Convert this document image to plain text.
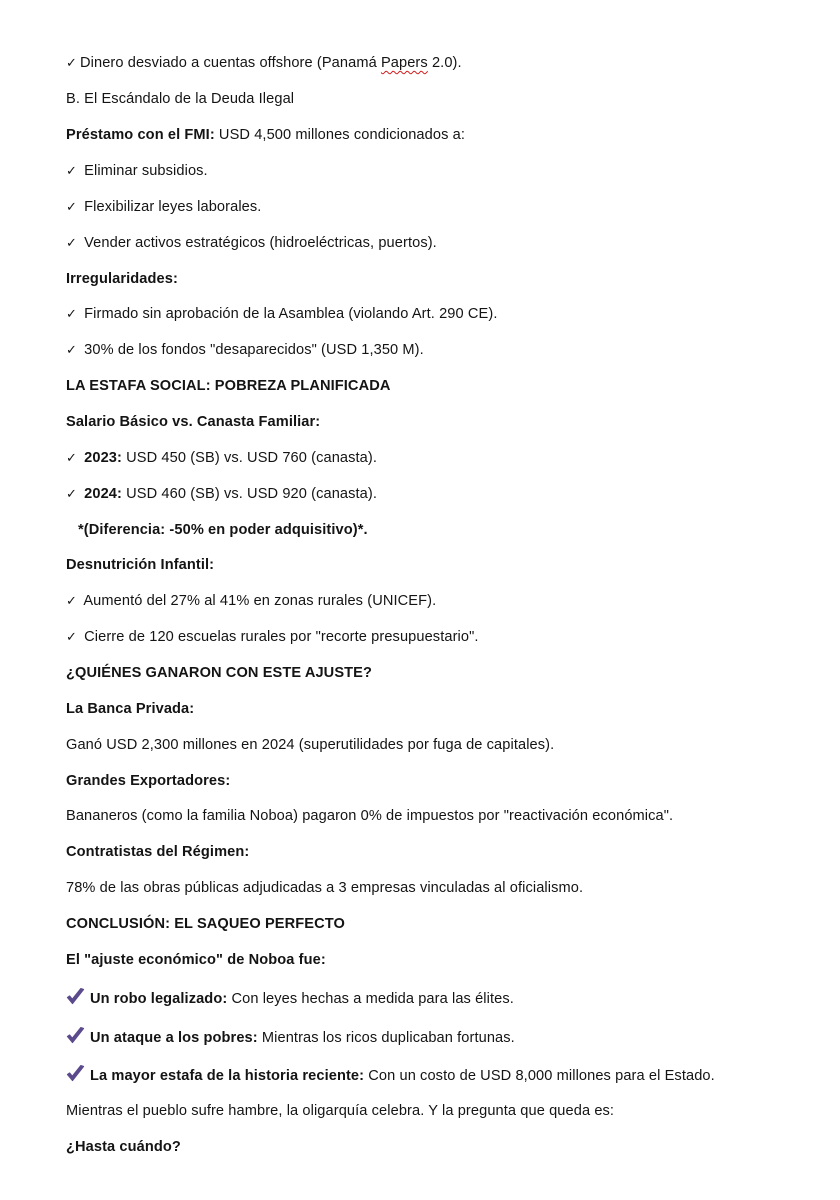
✓ Dinero desviado a cuentas offshore (Panamá Papers 2.0).
B. El Escándalo de la Deuda Ilegal
Préstamo con el FMI: USD 4,500 millones condicionados a:
✓ Eliminar subsidios.
✓ Flexibilizar leyes laborales.
✓ Vender activos estratégicos (hidroeléctricas, puertos).
Irregularidades:
✓ Firmado sin aprobación de la Asamblea (violando Art. 290 CE).
✓ 30% de los fondos "desaparecidos" (USD 1,350 M).
LA ESTAFA SOCIAL: POBREZA PLANIFICADA
Salario Básico vs. Canasta Familiar:
✓ 2023: USD 450 (SB) vs. USD 760 (canasta).
✓ 2024: USD 460 (SB) vs. USD 920 (canasta).
*(Diferencia: -50% en poder adquisitivo)*.
Desnutrición Infantil:
✓ Aumentó del 27% al 41% en zonas rurales (UNICEF).
✓ Cierre de 120 escuelas rurales por "recorte presupuestario".
¿QUIÉNES GANARON CON ESTE AJUSTE?
La Banca Privada:
Ganó USD 2,300 millones en 2024 (superutilidades por fuga de capitales).
Grandes Exportadores:
Bananeros (como la familia Noboa) pagaron 0% de impuestos por "reactivación económica".
Contratistas del Régimen:
78% de las obras públicas adjudicadas a 3 empresas vinculadas al oficialismo.
CONCLUSIÓN: EL SAQUEO PERFECTO
El "ajuste económico" de Noboa fue:
Un robo legalizado: Con leyes hechas a medida para las élites.
Un ataque a los pobres: Mientras los ricos duplicaban fortunas.
La mayor estafa de la historia reciente: Con un costo de USD 8,000 millones para el Estado.
Mientras el pueblo sufre hambre, la oligarquía celebra. Y la pregunta que queda es:
¿Hasta cuándo?
